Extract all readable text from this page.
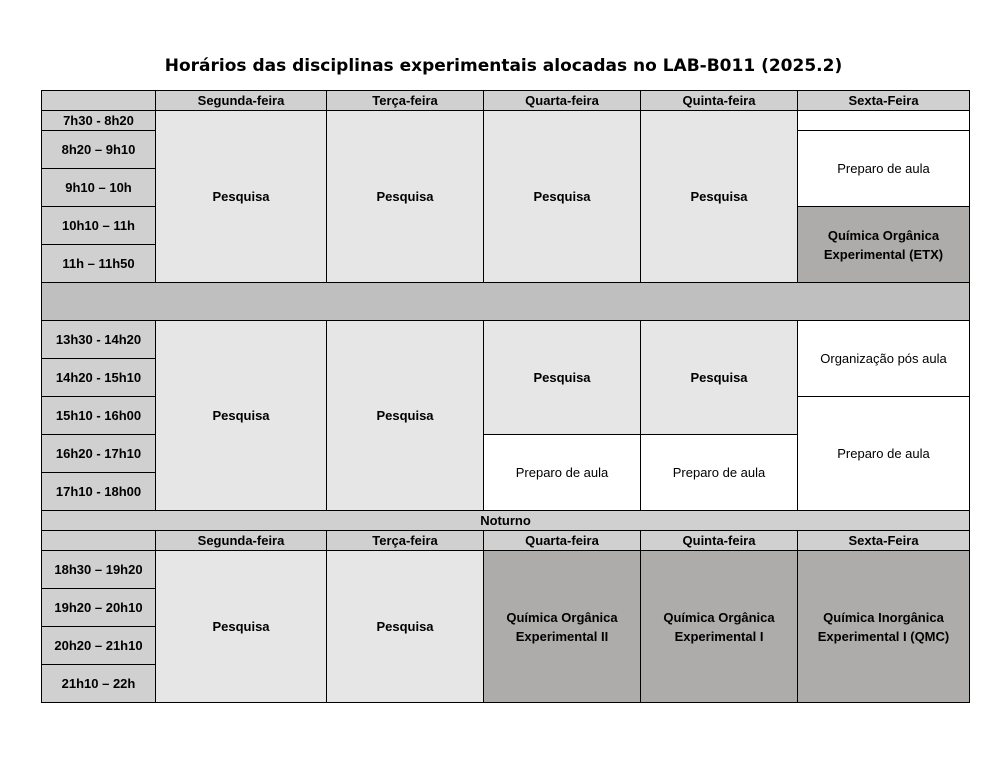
Horários das disciplinas experimentais alocadas no LAB-B011 (2025.2)
	Segunda-feira	Terça-feira	Quarta-feira	Quinta-feira	Sexta-Feira
7h30 - 8h20	Pesquisa	Pesquisa	Pesquisa	Pesquisa	
8h20 – 9h10					Preparo de aula
9h10 – 10h					
10h10 – 11h					Química Orgânica Experimental (ETX)
11h – 11h50					

13h30 - 14h20	Pesquisa	Pesquisa	Pesquisa	Pesquisa	Organização pós aula
14h20 - 15h10					
15h10 - 16h00					Preparo de aula
16h20 - 17h10			Preparo de aula	Preparo de aula	
17h10 - 18h00					
Noturno					
	Segunda-feira	Terça-feira	Quarta-feira	Quinta-feira	Sexta-Feira
18h30 – 19h20	Pesquisa	Pesquisa	Química Orgânica Experimental II	Química Orgânica Experimental I	Química Inorgânica Experimental I (QMC)
19h20 – 20h10					
20h20 – 21h10					
21h10 – 22h					
